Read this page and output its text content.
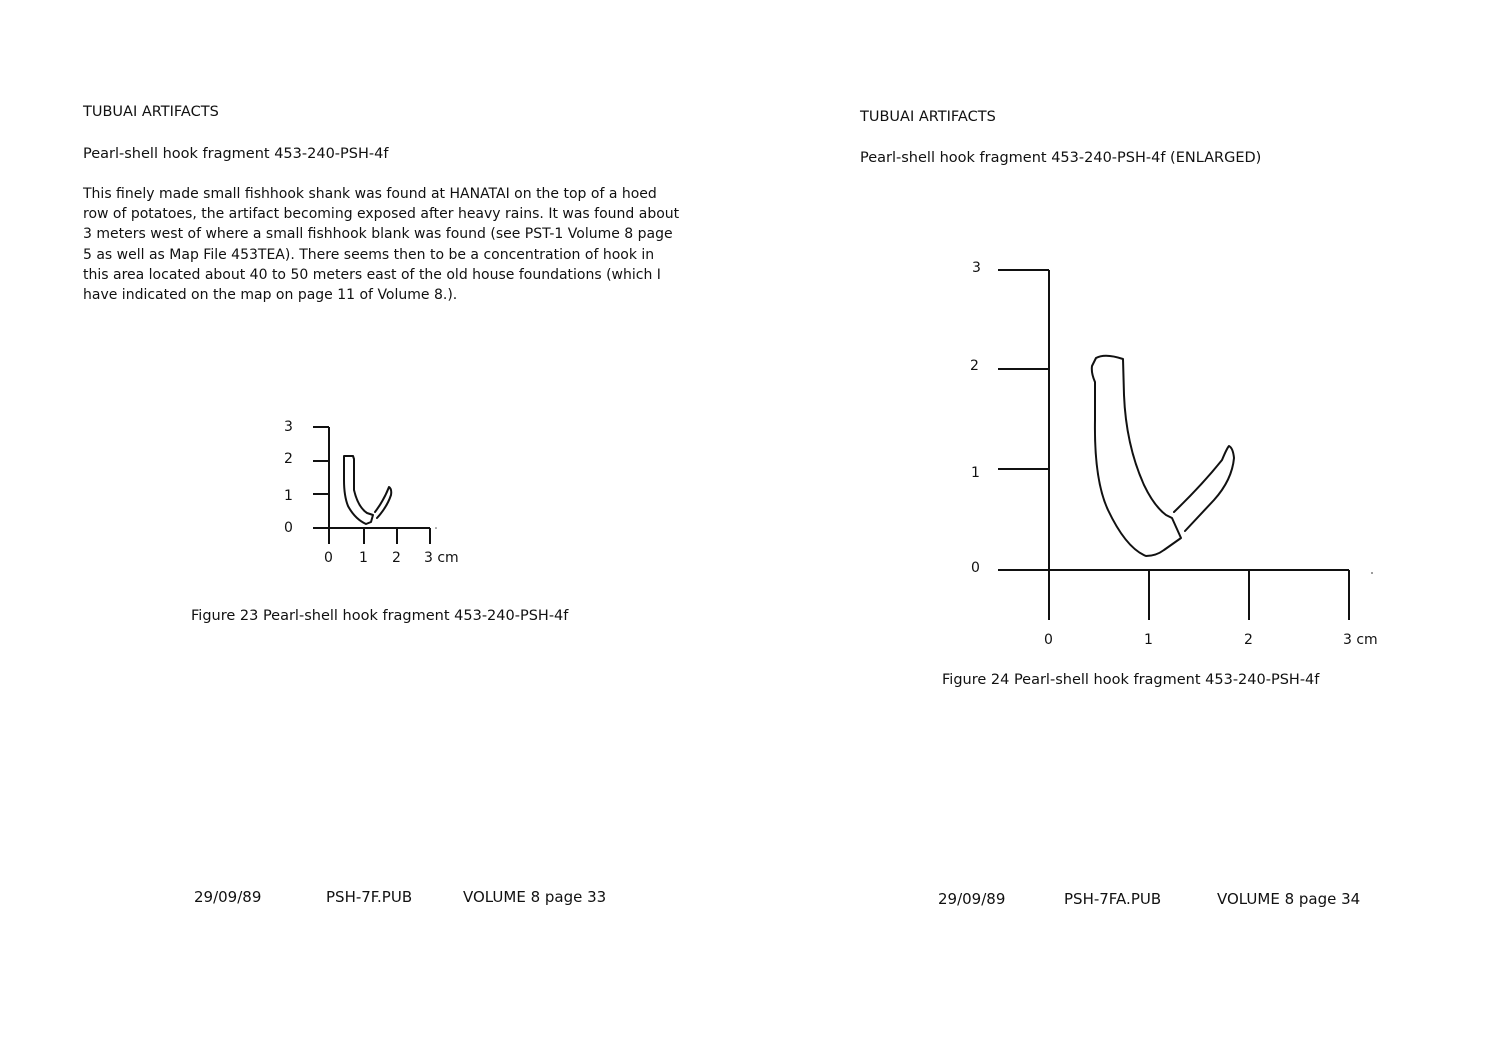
TUBUAI ARTIFACTS
Pearl-shell hook fragment 453-240-PSH-4f
This finely made small fishhook shank was found at HANATAI on the top of a hoed row of potatoes, the artifact becoming exposed after heavy rains. It was found about 3 meters west of where a small fishhook blank was found (see PST-1 Volume 8 page 5 as well as Map File 453TEA). There seems then to be a concentration of hook in this area located about 40 to 50 meters east of the old house foundations (which I have indicated on the map on page 11 of Volume 8.).
3
2
1
0
0 1 2 3 cm
Figure 23 Pearl-shell hook fragment 453-240-PSH-4f
29/09/89	PSH-7F.PUB	VOLUME 8 page 33
TUBUAI ARTIFACTS
Pearl-shell hook fragment 453-240-PSH-4f (ENLARGED)
3
2
1
0
0	1	2	3 cm
Figure 24 Pearl-shell hook fragment 453-240-PSH-4f
29/09/89	PSH-7FA.PUB	VOLUME 8 page 34
